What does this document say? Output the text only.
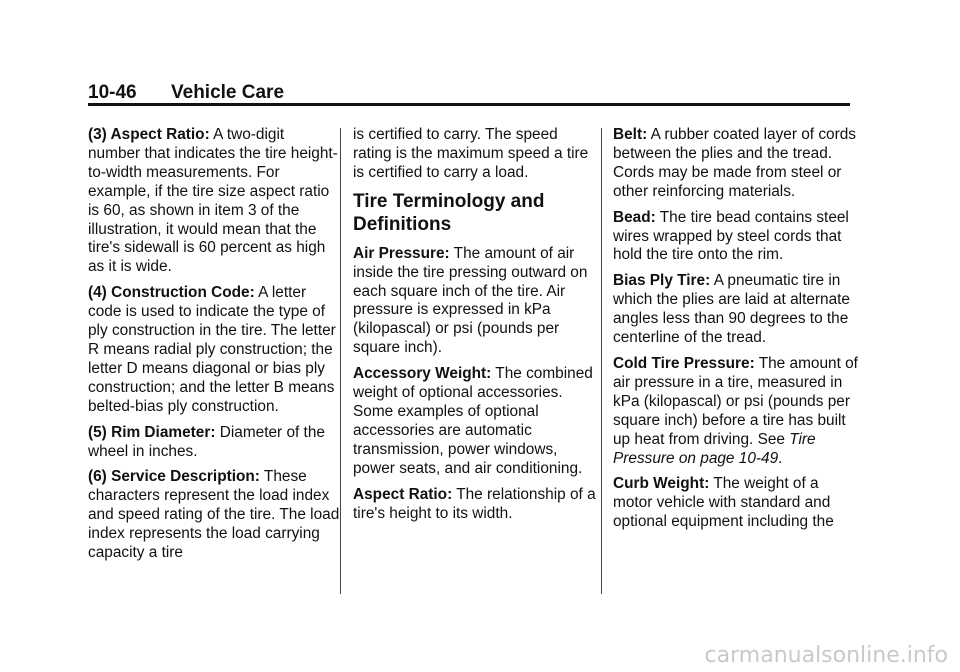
10-46 Vehicle Care

(3) Aspect Ratio: A two-digit number that indicates the tire height-to-width measurements. For example, if the tire size aspect ratio is 60, as shown in item 3 of the illustration, it would mean that the tire's sidewall is 60 percent as high as it is wide.

(4) Construction Code: A letter code is used to indicate the type of ply construction in the tire. The letter R means radial ply construction; the letter D means diagonal or bias ply construction; and the letter B means belted-bias ply construction.

(5) Rim Diameter: Diameter of the wheel in inches.

(6) Service Description: These characters represent the load index and speed rating of the tire. The load index represents the load carrying capacity a tire

is certified to carry. The speed rating is the maximum speed a tire is certified to carry a load.

Tire Terminology and Definitions

Air Pressure: The amount of air inside the tire pressing outward on each square inch of the tire. Air pressure is expressed in kPa (kilopascal) or psi (pounds per square inch).

Accessory Weight: The combined weight of optional accessories. Some examples of optional accessories are automatic transmission, power windows, power seats, and air conditioning.

Aspect Ratio: The relationship of a tire's height to its width.

Belt: A rubber coated layer of cords between the plies and the tread. Cords may be made from steel or other reinforcing materials.

Bead: The tire bead contains steel wires wrapped by steel cords that hold the tire onto the rim.

Bias Ply Tire: A pneumatic tire in which the plies are laid at alternate angles less than 90 degrees to the centerline of the tread.

Cold Tire Pressure: The amount of air pressure in a tire, measured in kPa (kilopascal) or psi (pounds per square inch) before a tire has built up heat from driving. See Tire Pressure on page 10-49.

Curb Weight: The weight of a motor vehicle with standard and optional equipment including the

carmanualsonline.info
